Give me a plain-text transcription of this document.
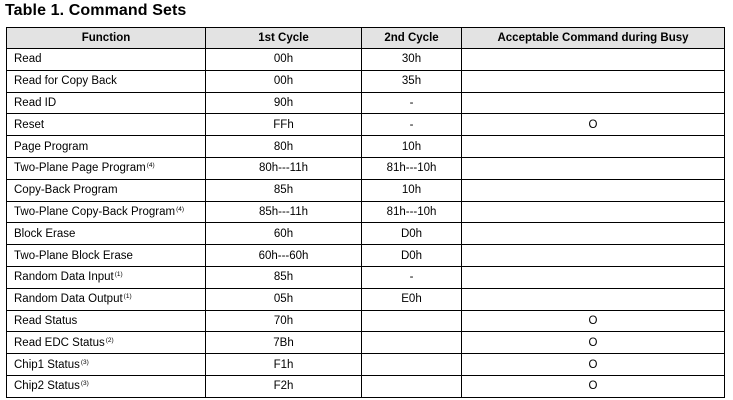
Table 1. Command Sets
Function	1st Cycle	2nd Cycle	Acceptable Command during Busy
Read	00h	30h	
Read for Copy Back	00h	35h	
Read ID	90h	-	
Reset	FFh	-	O
Page Program	80h	10h	
Two-Plane Page Program$^{(4)}$	80h---11h	81h---10h	
Copy-Back Program	85h	10h	
Two-Plane Copy-Back Program$^{(4)}$	85h---11h	81h---10h	
Block Erase	60h	D0h	
Two-Plane Block Erase	60h---60h	D0h	
Random Data Input$^{(1)}$	85h	-	
Random Data Output$^{(1)}$	05h	E0h	
Read Status	70h		O
Read EDC Status$^{(2)}$	7Bh		O
Chip1 Status$^{(3)}$	F1h		O
Chip2 Status$^{(3)}$	F2h		O
